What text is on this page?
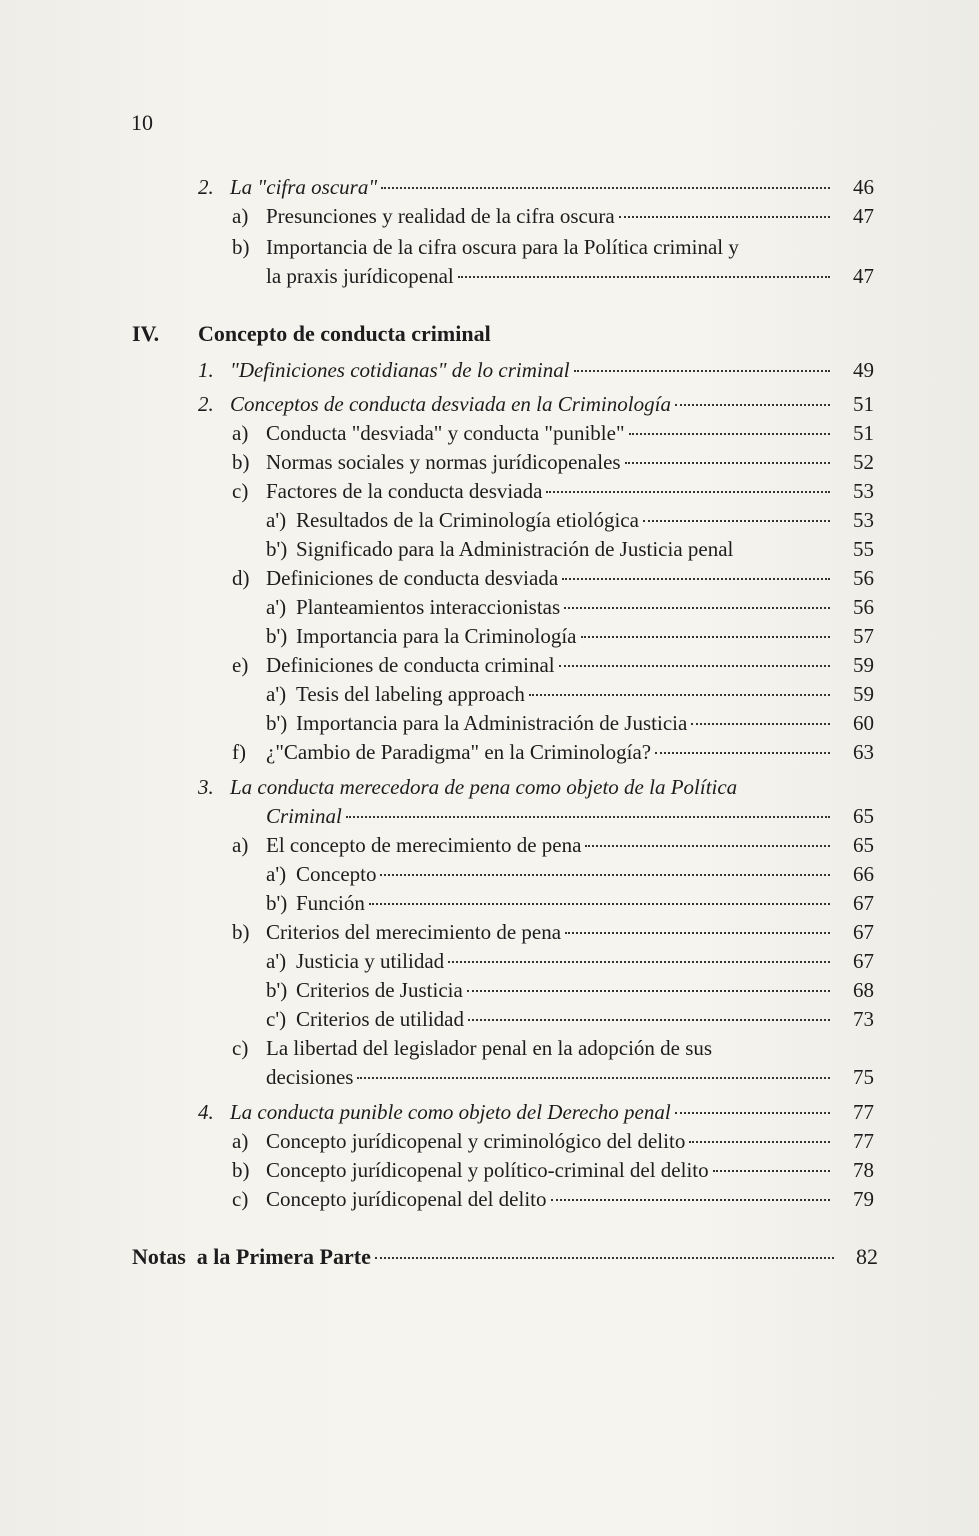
10
2. La "cifra oscura"	46
a) Presunciones y realidad de la cifra oscura	47
b) Importancia de la cifra oscura para la Política criminal y
la praxis jurídicopenal	47
IV. Concepto de conducta criminal
1. "Definiciones cotidianas" de lo criminal	49
2. Conceptos de conducta desviada en la Criminología	51
a) Conducta "desviada" y conducta "punible"	51
b) Normas sociales y normas jurídicopenales	52
c) Factores de la conducta desviada	53
a') Resultados de la Criminología etiológica	53
b') Significado para la Administración de Justicia penal	55
d) Definiciones de conducta desviada	56
a') Planteamientos interaccionistas	56
b') Importancia para la Criminología	57
e) Definiciones de conducta criminal	59
a') Tesis del labeling approach	59
b') Importancia para la Administración de Justicia	60
f) ¿"Cambio de Paradigma" en la Criminología?	63
3. La conducta merecedora de pena como objeto de la Política
Criminal	65
a) El concepto de merecimiento de pena	65
a') Concepto	66
b') Función	67
b) Criterios del merecimiento de pena	67
a') Justicia y utilidad	67
b') Criterios de Justicia	68
c') Criterios de utilidad	73
c) La libertad del legislador penal en la adopción de sus
decisiones	75
4. La conducta punible como objeto del Derecho penal	77
a) Concepto jurídicopenal y criminológico del delito	77
b) Concepto jurídicopenal y político-criminal del delito	78
c) Concepto jurídicopenal del delito	79
Notas  a la Primera Parte	82
